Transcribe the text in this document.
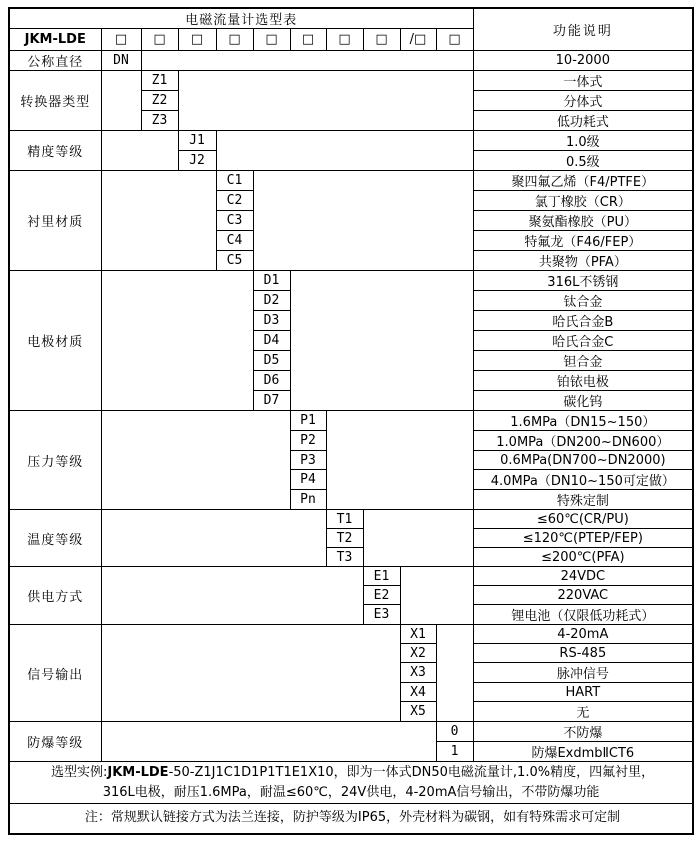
电磁流量计选型表											功能说明
JKM-LDE	□	□	□	□	□	□	□	□	/□	□	
公称直径	DN										10-2000
转换器类型		Z1									一体式
		Z2									分体式
		Z3									低功耗式
精度等级			J1								1.0级
			J2								0.5级
衬里材质				C1							聚四氟乙烯（F4/PTFE）
				C2							氯丁橡胶（CR）
				C3							聚氨酯橡胶（PU）
				C4							特氟龙（F46/FEP）
				C5							共聚物（PFA）
电极材质					D1						316L不锈钢
					D2						钛合金
					D3						哈氏合金B
					D4						哈氏合金C
					D5						钽合金
					D6						铂铱电极
					D7						碳化钨
压力等级						P1					1.6MPa（DN15~150）
						P2					1.0MPa（DN200~DN600）
						P3					0.6MPa(DN700~DN2000)
						P4					4.0MPa（DN10~150可定做）
						Pn					特殊定制
温度等级							T1				≤60℃(CR/PU)
							T2				≤120℃(PTEP/FEP)
							T3				≤200℃(PFA)
供电方式								E1			24VDC
								E2			220VAC
								E3			锂电池（仅限低功耗式）
信号输出									X1		4-20mA
									X2		RS-485
									X3		脉冲信号
									X4		HART
									X5		无
防爆等级										0	不防爆
										1	防爆ExdmbⅡCT6

选型实例:JKM-LDE-50-Z1J1C1D1P1T1E1X10，即为一体式DN50电磁流量计,1.0%精度，四氟衬里，
316L电极，耐压1.6MPa，耐温≤60℃，24V供电，4-20mA信号输出，不带防爆功能											

注：常规默认链接方式为法兰连接，防护等级为IP65，外壳材料为碳钢，如有特殊需求可定制											
